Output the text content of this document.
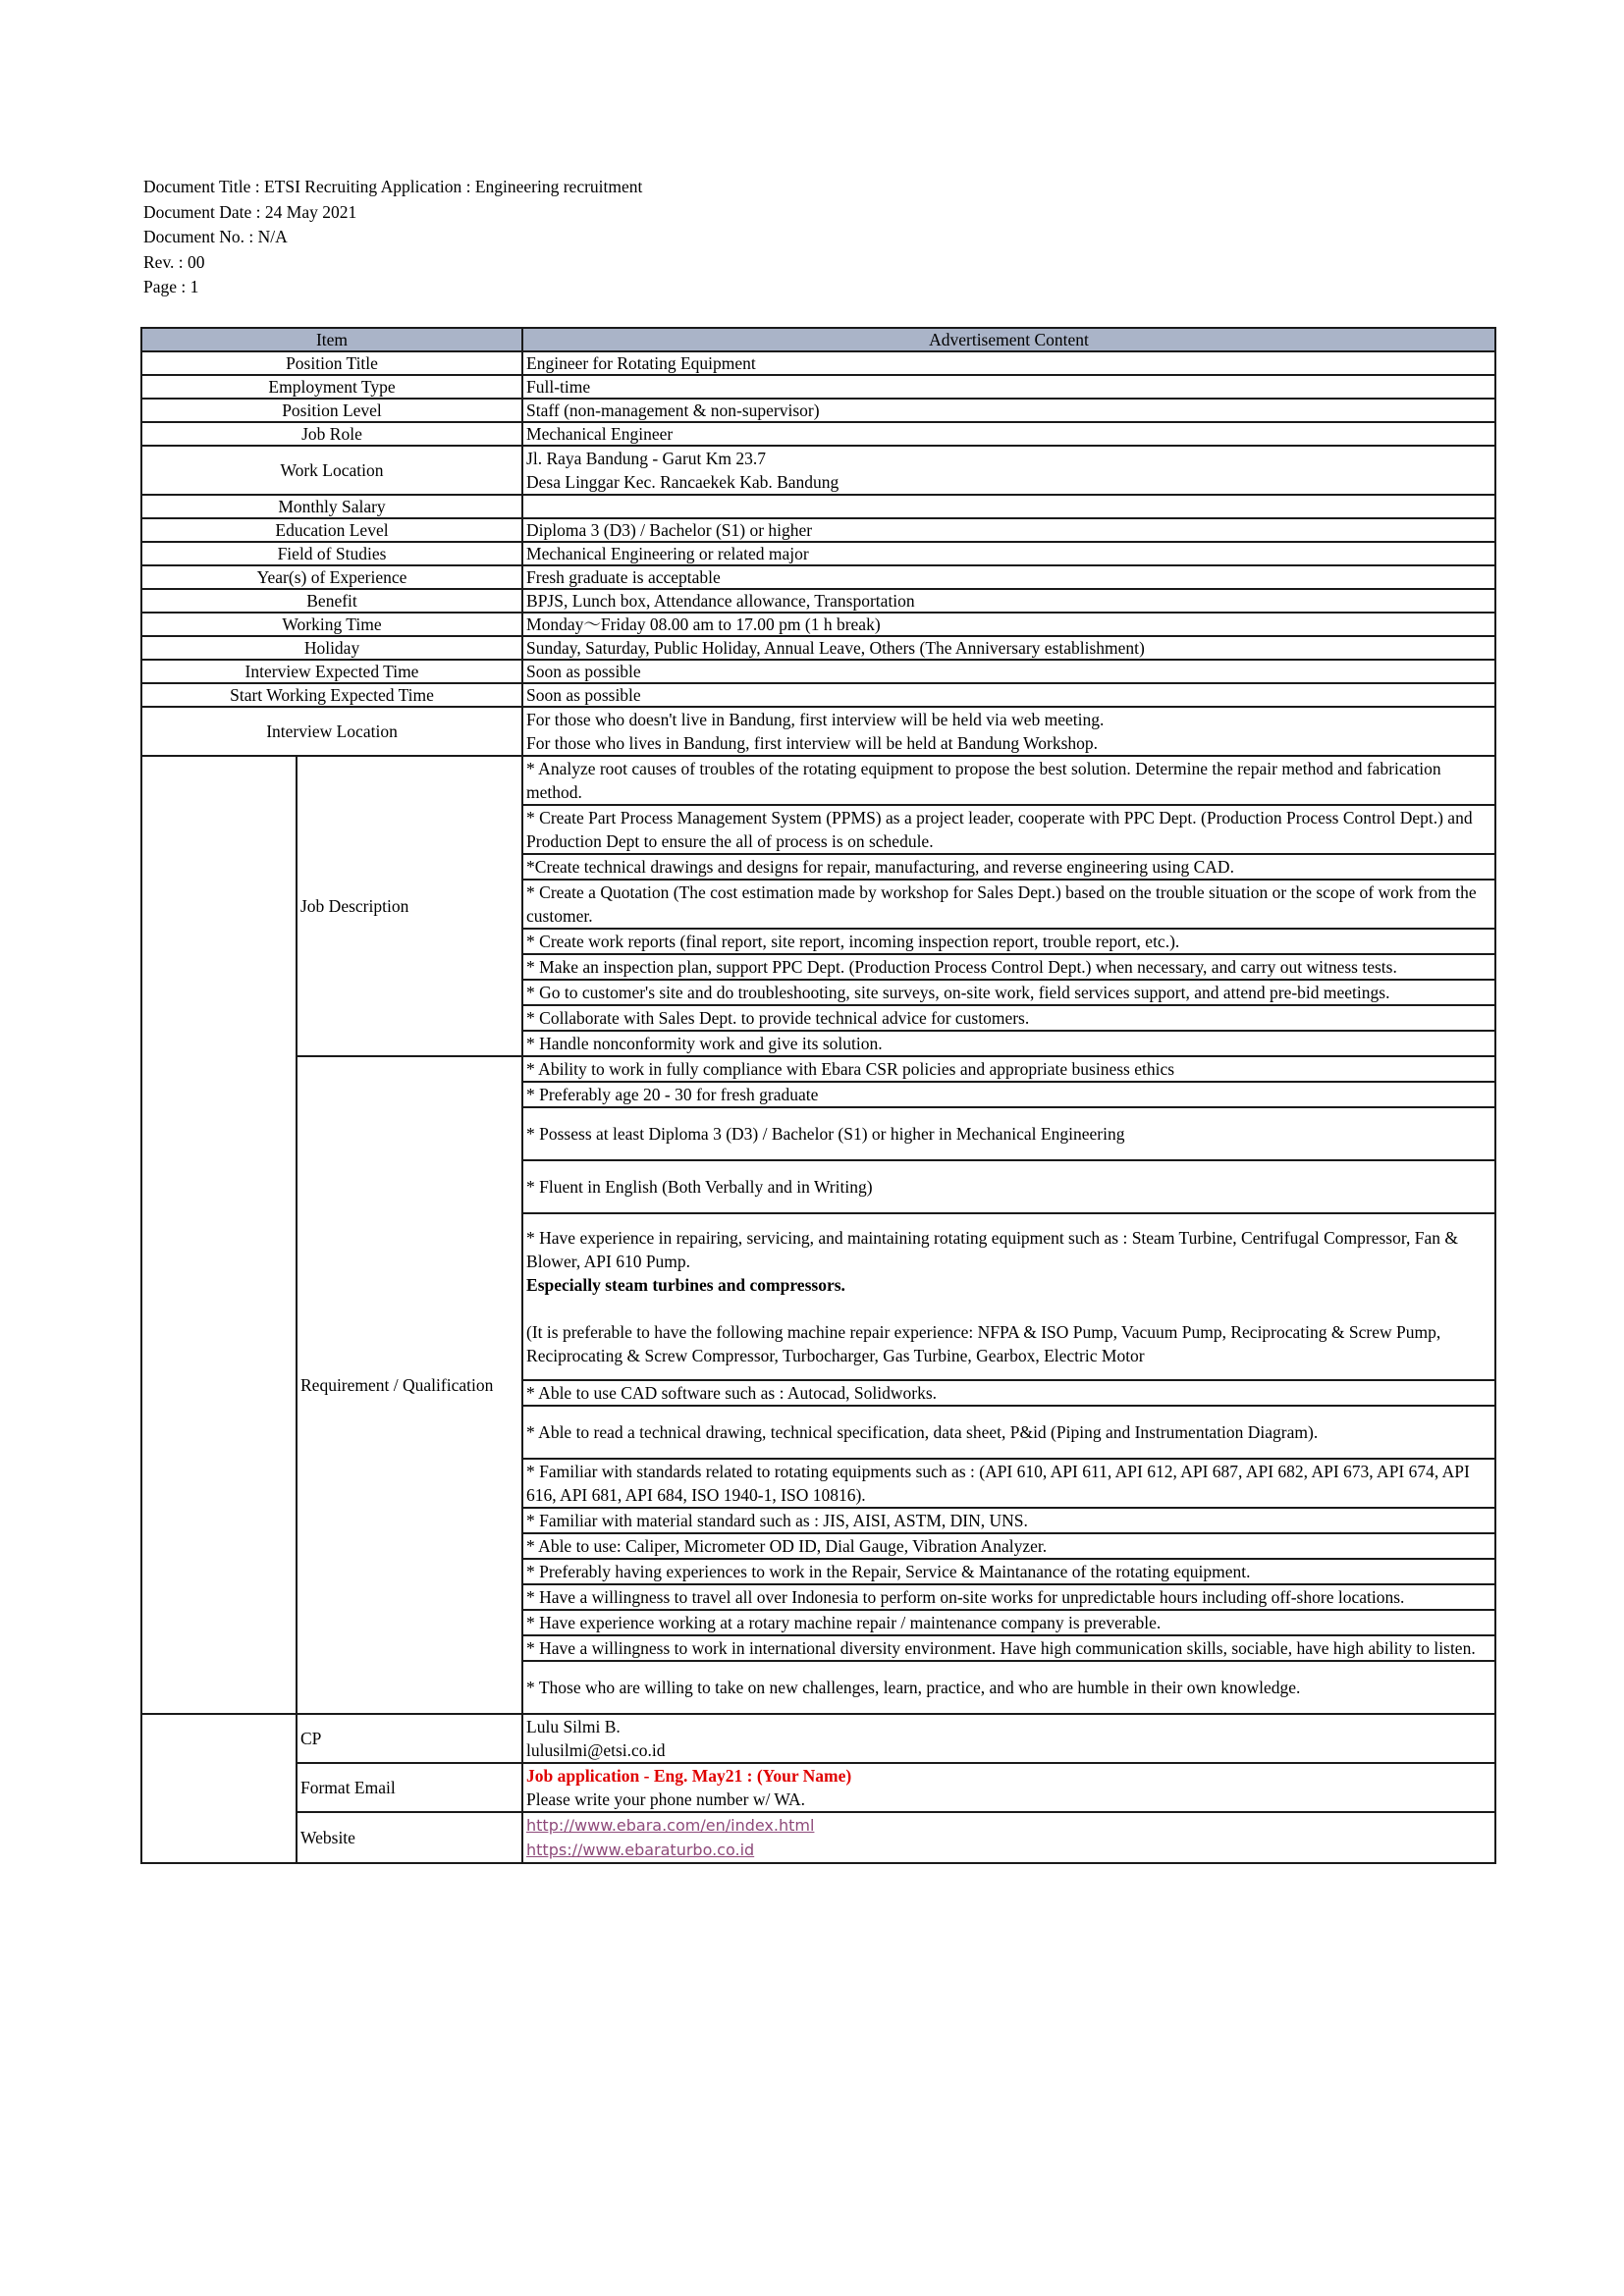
Document Title : ETSI Recruiting Application : Engineering recruitment
Document Date : 24 May 2021
Document No. : N/A
Rev. : 00
Page : 1
Item		Advertisement Content
Position Title		Engineer for Rotating Equipment
Employment Type		Full-time
Position Level		Staff (non-management & non-supervisor)
Job Role		Mechanical Engineer
Work Location		Jl. Raya Bandung - Garut Km 23.7
Desa Linggar Kec. Rancaekek Kab. Bandung

Monthly Salary		
Education Level		Diploma 3 (D3) / Bachelor (S1) or higher
Field of Studies		Mechanical Engineering or related major
Year(s) of Experience		Fresh graduate is acceptable
Benefit		BPJS, Lunch box, Attendance allowance, Transportation
Working Time		Monday～Friday 08.00 am to 17.00 pm (1 h break)
Holiday		Sunday, Saturday, Public Holiday, Annual Leave, Others (The Anniversary establishment)
Interview Expected Time		Soon as possible
Start Working Expected Time		Soon as possible
Interview Location		For those who doesn't live in Bandung, first interview will be held via web meeting.
For those who lives in Bandung, first interview will be held at Bandung Workshop.

	Job Description	* Analyze root causes of troubles of the rotating equipment to propose the best solution. Determine the repair method and fabrication method.
		* Create Part Process Management System (PPMS) as a project leader, cooperate with PPC Dept. (Production Process Control Dept.) and Production Dept to ensure the all of process is on schedule.
		*Create technical drawings and designs for repair, manufacturing, and reverse engineering using CAD.
		* Create a Quotation (The cost estimation made by workshop for Sales Dept.) based on the trouble situation or the scope of work from the customer.
		* Create work reports (final report, site report, incoming inspection report, trouble report, etc.).
		* Make an inspection plan, support PPC Dept. (Production Process Control Dept.) when necessary, and carry out witness tests.
		* Go to customer's site and do troubleshooting, site surveys, on-site work, field services support, and attend pre-bid meetings.
		* Collaborate with Sales Dept. to provide technical advice for customers.
		* Handle nonconformity work and give its solution.
	Requirement / Qualification	* Ability to work in fully compliance with Ebara CSR policies and appropriate business ethics
		* Preferably age 20 - 30 for fresh graduate
		* Possess at least Diploma 3 (D3) / Bachelor (S1) or higher in Mechanical Engineering
		* Fluent in English (Both Verbally and in Writing)

		* Have experience in repairing, servicing, and maintaining rotating equipment such as : Steam Turbine, Centrifugal Compressor, Fan & Blower, API 610 Pump.
Especially steam turbines and compressors.
(It is preferable to have the following machine repair experience: NFPA & ISO Pump, Vacuum Pump, Reciprocating & Screw Pump, Reciprocating & Screw Compressor, Turbocharger, Gas Turbine, Gearbox, Electric Motor

		* Able to use CAD software such as : Autocad, Solidworks.
		* Able to read a technical drawing, technical specification, data sheet, P&id (Piping and Instrumentation Diagram).
		* Familiar with standards related to rotating equipments such as : (API 610, API 611, API 612, API 687, API 682, API 673, API 674, API 616, API 681, API 684, ISO 1940-1, ISO 10816).
		* Familiar with material standard such as : JIS, AISI, ASTM, DIN, UNS.
		* Able to use: Caliper, Micrometer OD ID, Dial Gauge, Vibration Analyzer.
		* Preferably having experiences to work in the Repair, Service & Maintanance of the rotating equipment.
		* Have a willingness to travel all over Indonesia to perform on-site works for unpredictable hours including off-shore locations.
		* Have experience working at a rotary machine repair / maintenance company is preverable.
		* Have a willingness to work in international diversity environment. Have high communication skills, sociable, have high ability to listen.
		* Those who are willing to take on new challenges, learn, practice, and who are humble in their own knowledge.
	CP	Lulu Silmi B.
lulusilmi@etsi.co.id

	Format Email	Job application - Eng. May21 : (Your Name)
Please write your phone number w/ WA.

	Website	http://www.ebara.com/en/index.html
https://www.ebaraturbo.co.id
